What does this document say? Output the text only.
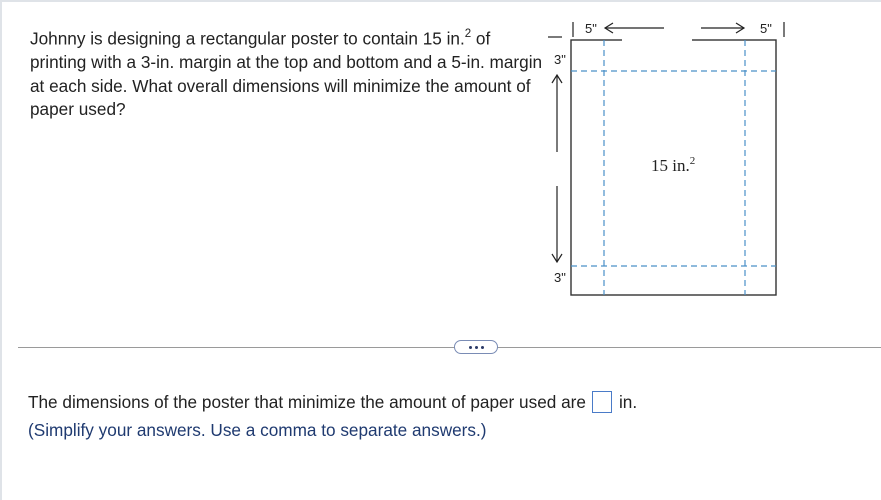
Johnny is designing a rectangular poster to contain 15 in.$^2$ of printing with a 3-in. margin at the top and bottom and a 5-in. margin at each side. What overall dimensions will minimize the amount of paper used?
3"
3"
5"	5"
15 in.$^2$
The dimensions of the poster that minimize the amount of paper used are in.
(Simplify your answers. Use a comma to separate answers.)
